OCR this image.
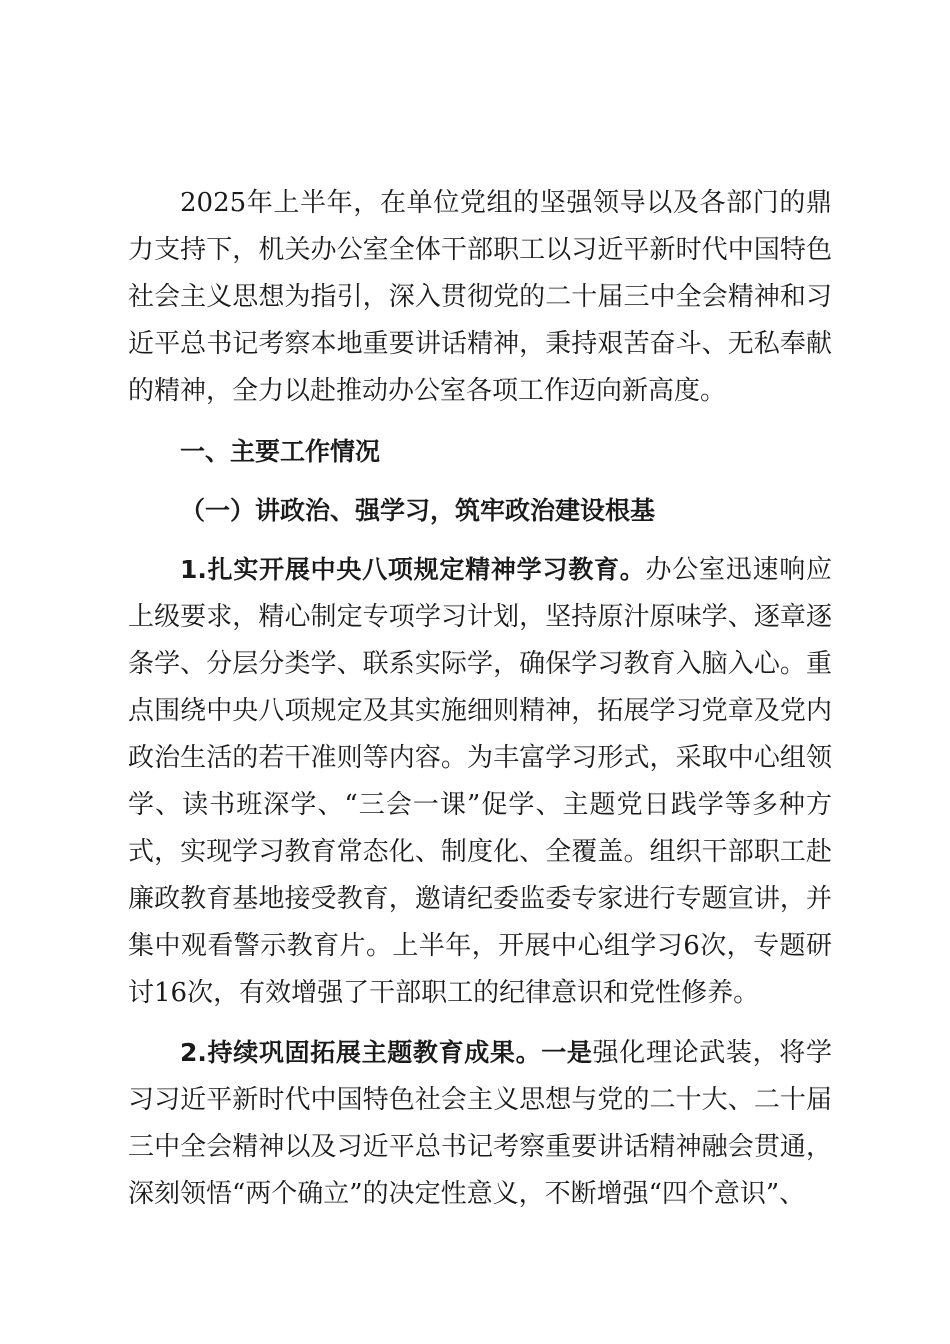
2025年上半年，在单位党组的坚强领导以及各部门的鼎力支持下，机关办公室全体干部职工以习近平新时代中国特色社会主义思想为指引，深入贯彻党的二十届三中全会精神和习近平总书记考察本地重要讲话精神，秉持艰苦奋斗、无私奉献的精神，全力以赴推动办公室各项工作迈向新高度。

一、主要工作情况

（一）讲政治、强学习，筑牢政治建设根基

1.扎实开展中央八项规定精神学习教育。办公室迅速响应上级要求，精心制定专项学习计划，坚持原汁原味学、逐章逐条学、分层分类学、联系实际学，确保学习教育入脑入心。重点围绕中央八项规定及其实施细则精神，拓展学习党章及党内政治生活的若干准则等内容。为丰富学习形式，采取中心组领学、读书班深学、“三会一课”促学、主题党日践学等多种方式，实现学习教育常态化、制度化、全覆盖。组织干部职工赴廉政教育基地接受教育，邀请纪委监委专家进行专题宣讲，并集中观看警示教育片。上半年，开展中心组学习6次，专题研讨16次，有效增强了干部职工的纪律意识和党性修养。

2.持续巩固拓展主题教育成果。一是强化理论武装，将学习习近平新时代中国特色社会主义思想与党的二十大、二十届三中全会精神以及习近平总书记考察重要讲话精神融会贯通，深刻领悟“两个确立”的决定性意义，不断增强“四个意识”、
